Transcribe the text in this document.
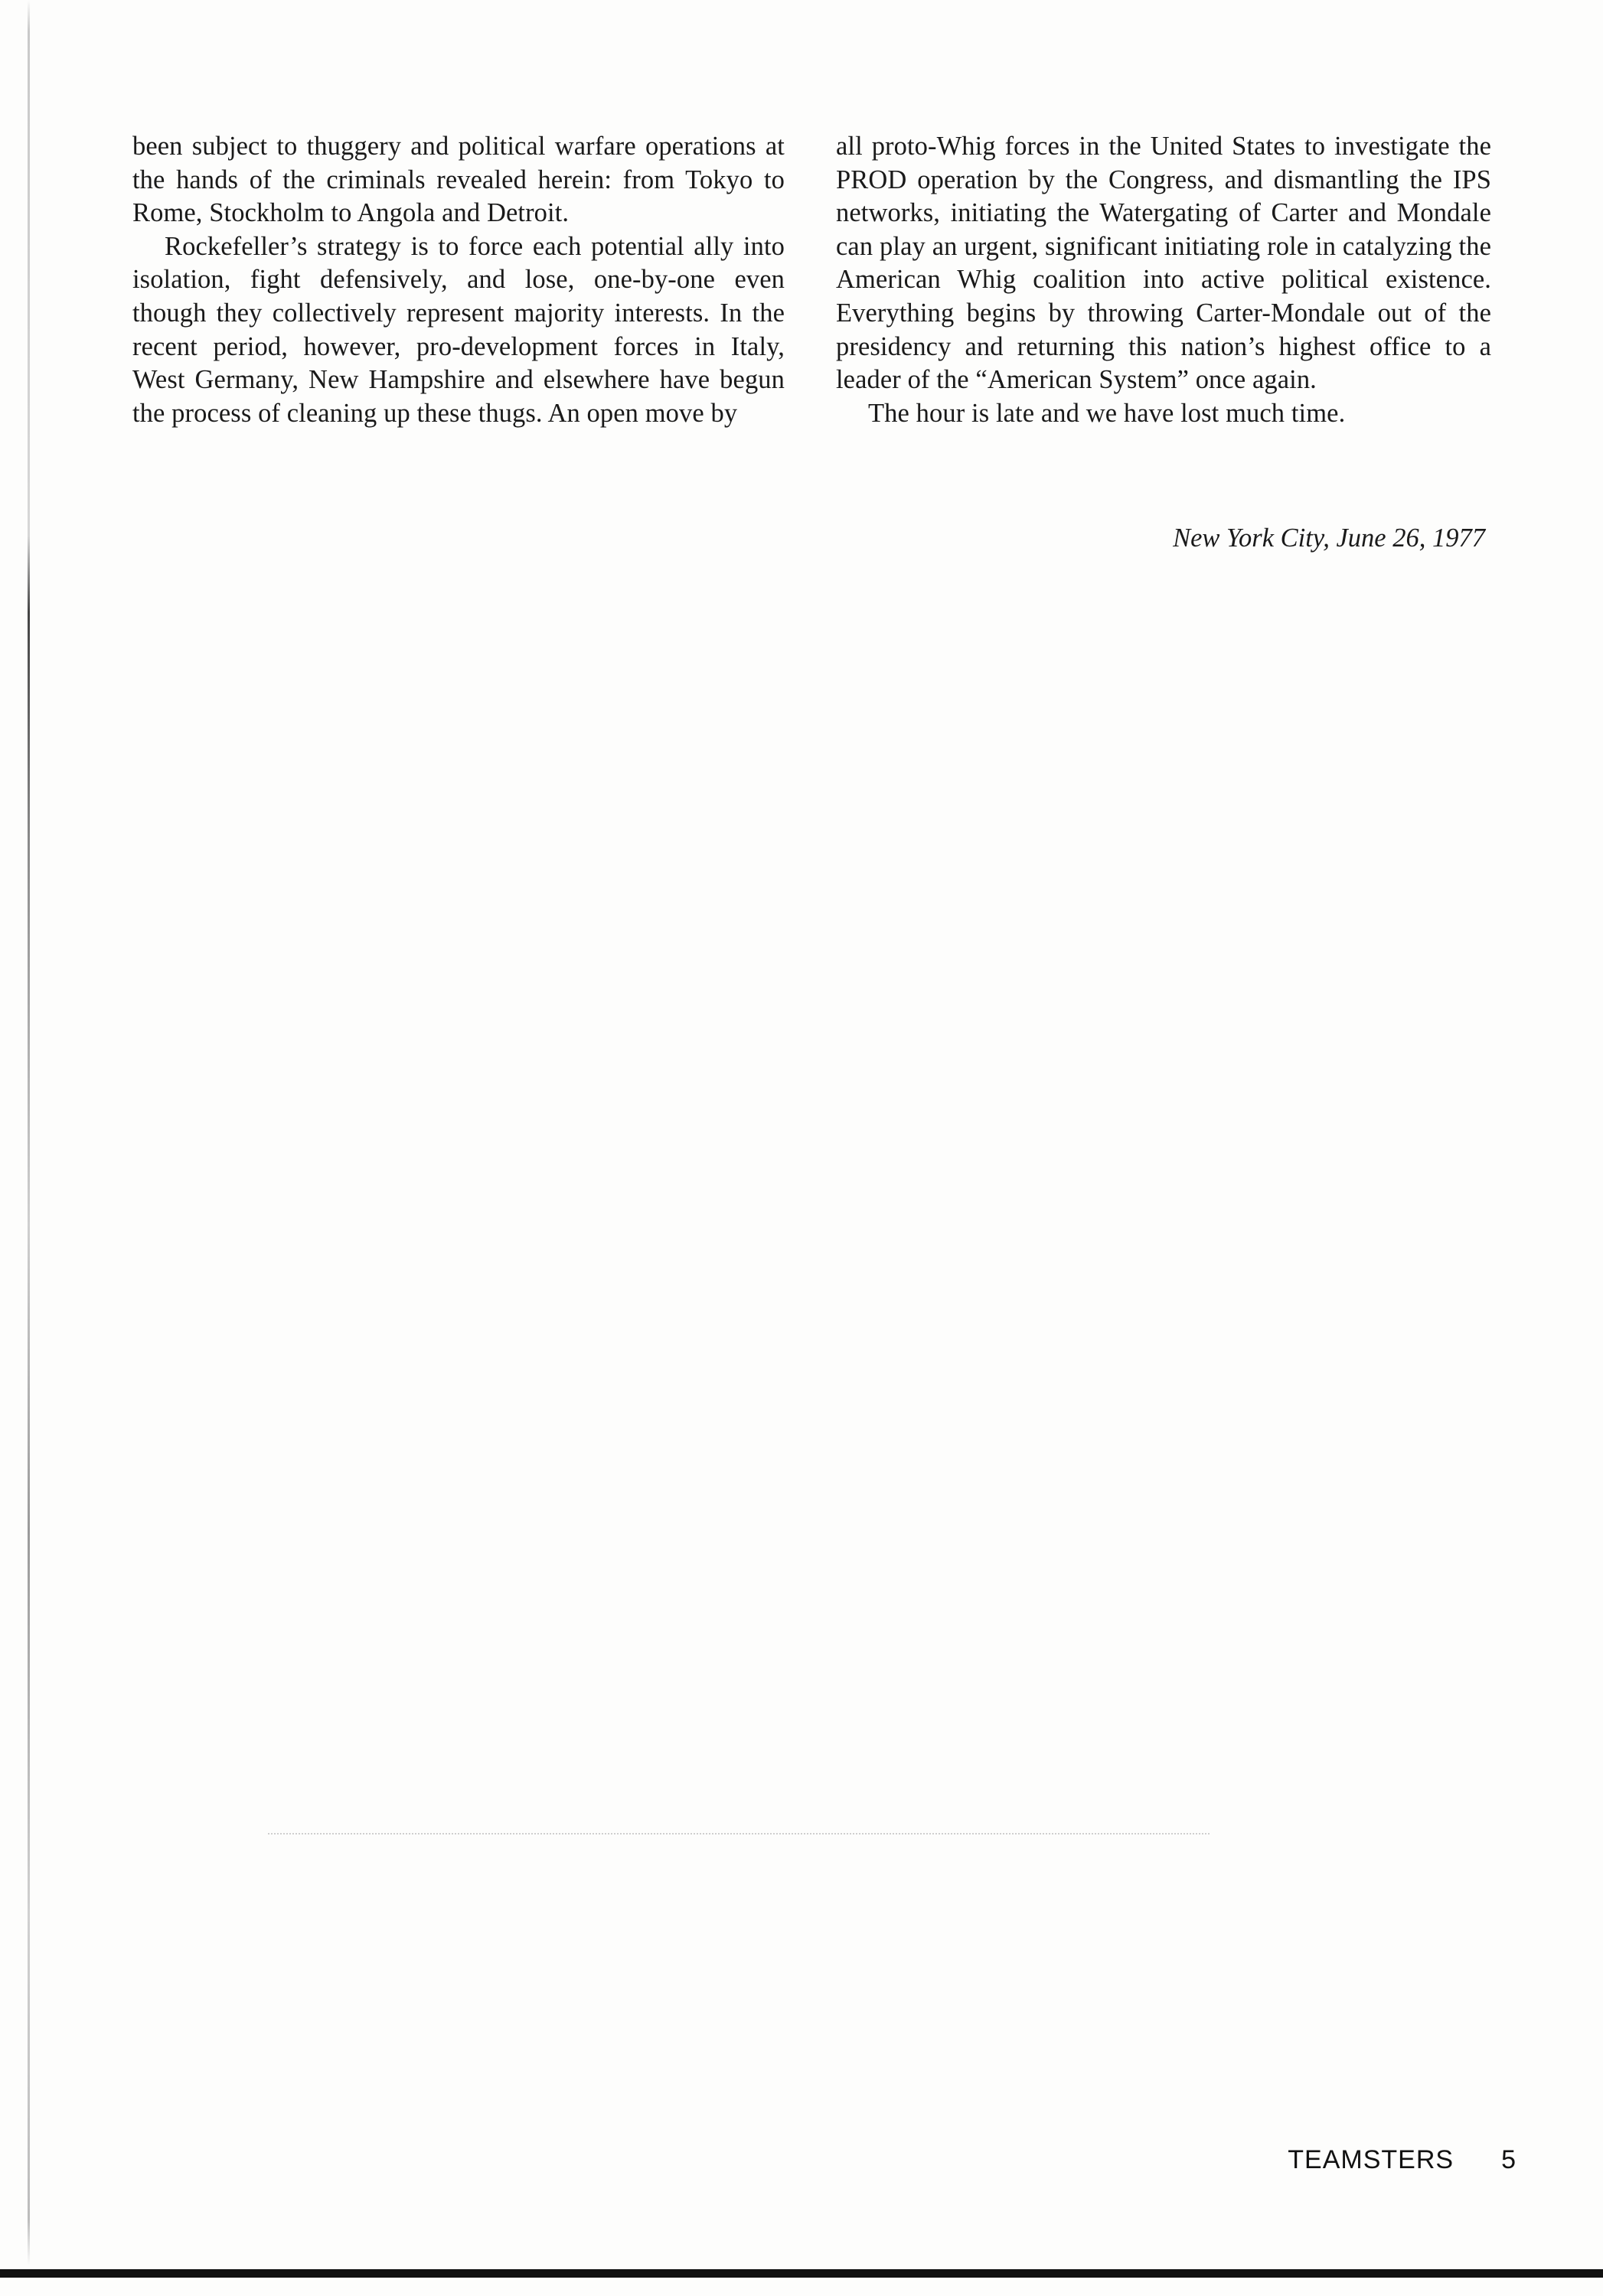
been subject to thuggery and political warfare operations at the hands of the criminals revealed herein: from Tokyo to Rome, Stockholm to Angola and Detroit.

Rockefeller’s strategy is to force each potential ally into isolation, fight defensively, and lose, one-by-one even though they collectively represent majority interests. In the recent period, however, pro-development forces in Italy, West Germany, New Hampshire and elsewhere have begun the process of cleaning up these thugs. An open move by

all proto-Whig forces in the United States to investigate the PROD operation by the Congress, and dismantling the IPS networks, initiating the Watergating of Carter and Mondale can play an urgent, significant initiating role in catalyzing the American Whig coalition into active political existence. Everything begins by throwing Carter-Mondale out of the presidency and returning this nation’s highest office to a leader of the “American System” once again.

The hour is late and we have lost much time.

New York City, June 26, 1977
TEAMSTERS 5
